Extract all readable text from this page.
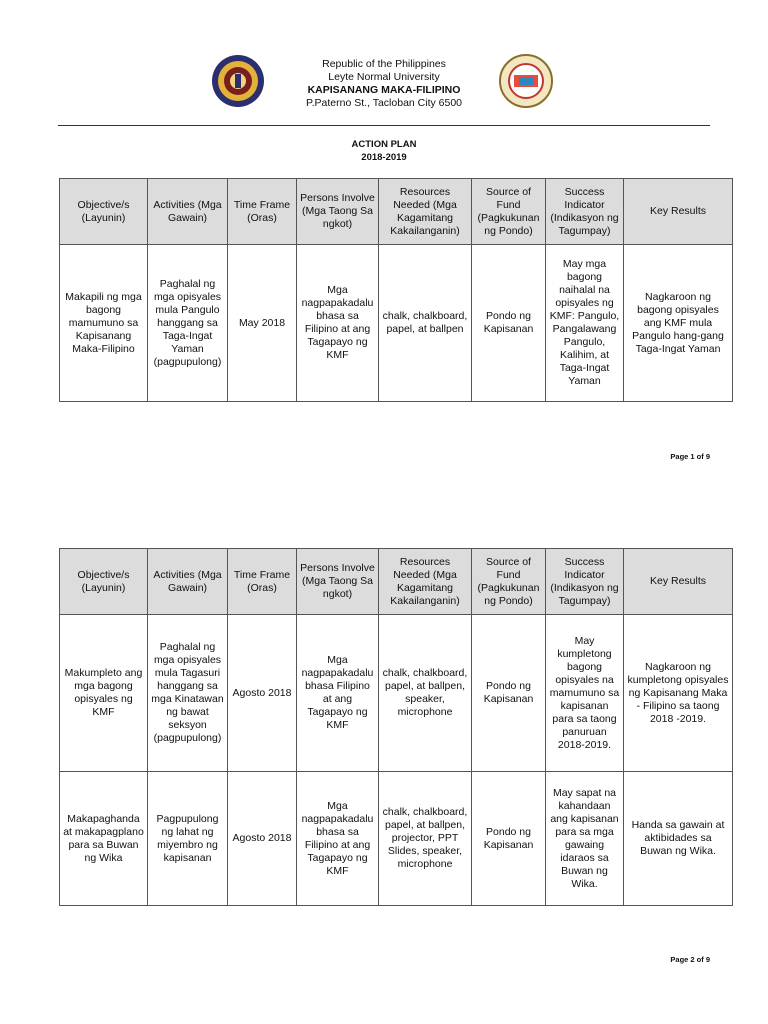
Republic of the Philippines
Leyte Normal University
KAPISANANG MAKA-FILIPINO
P.Paterno St., Tacloban City 6500
ACTION PLAN
2018-2019
Objective/s (Layunin)	Activities (Mga Gawain)	Time Frame (Oras)	Persons Involve (Mga Taong Sa ngkot)	Resources Needed (Mga Kagamitang Kakailanganin)	Source of Fund (Pagkukunan ng Pondo)	Success Indicator (Indikasyon ng Tagumpay)	Key Results
Makapili ng mga bagong mamumuno sa Kapisanang Maka-Filipino	Paghalal ng mga opisyales mula Pangulo hanggang sa Taga-Ingat Yaman (pagpupulong)	May 2018	Mga nagpapakadalu bhasa sa Filipino at ang Tagapayo ng KMF	chalk, chalkboard, papel, at ballpen	Pondo ng Kapisanan	May mga bagong naihalal na opisyales ng KMF: Pangulo, Pangalawang Pangulo, Kalihim, at Taga-Ingat Yaman	Nagkaroon ng bagong opisyales ang KMF mula Pangulo hang-gang Taga-Ingat Yaman
Page 1 of 9
Objective/s (Layunin)	Activities (Mga Gawain)	Time Frame (Oras)	Persons Involve (Mga Taong Sa ngkot)	Resources Needed (Mga Kagamitang Kakailanganin)	Source of Fund (Pagkukunan ng Pondo)	Success Indicator (Indikasyon ng Tagumpay)	Key Results
Makumpleto ang mga bagong opisyales ng KMF	Paghalal ng mga opisyales mula Tagasuri hanggang sa mga Kinatawan ng bawat seksyon (pagpupulong)	Agosto 2018	Mga nagpapakadalu bhasa Filipino at ang Tagapayo ng KMF	chalk, chalkboard, papel, at ballpen, speaker, microphone	Pondo ng Kapisanan	May kumpletong bagong opisyales na mamumuno sa kapisanan para sa taong panuruan 2018-2019.	Nagkaroon ng kumpletong opisyales ng Kapisanang Maka - Filipino sa taong 2018 -2019.
Makapaghanda at makapagplano para sa Buwan ng Wika	Pagpupulong ng lahat ng miyembro ng kapisanan	Agosto 2018	Mga nagpapakadalu bhasa sa Filipino at ang Tagapayo ng KMF	chalk, chalkboard, papel, at ballpen, projector, PPT Slides, speaker, microphone	Pondo ng Kapisanan	May sapat na kahandaan ang kapisanan para sa mga gawaing idaraos sa Buwan ng Wika.	Handa sa gawain at aktibidades sa Buwan ng Wika.
Page 2 of 9
